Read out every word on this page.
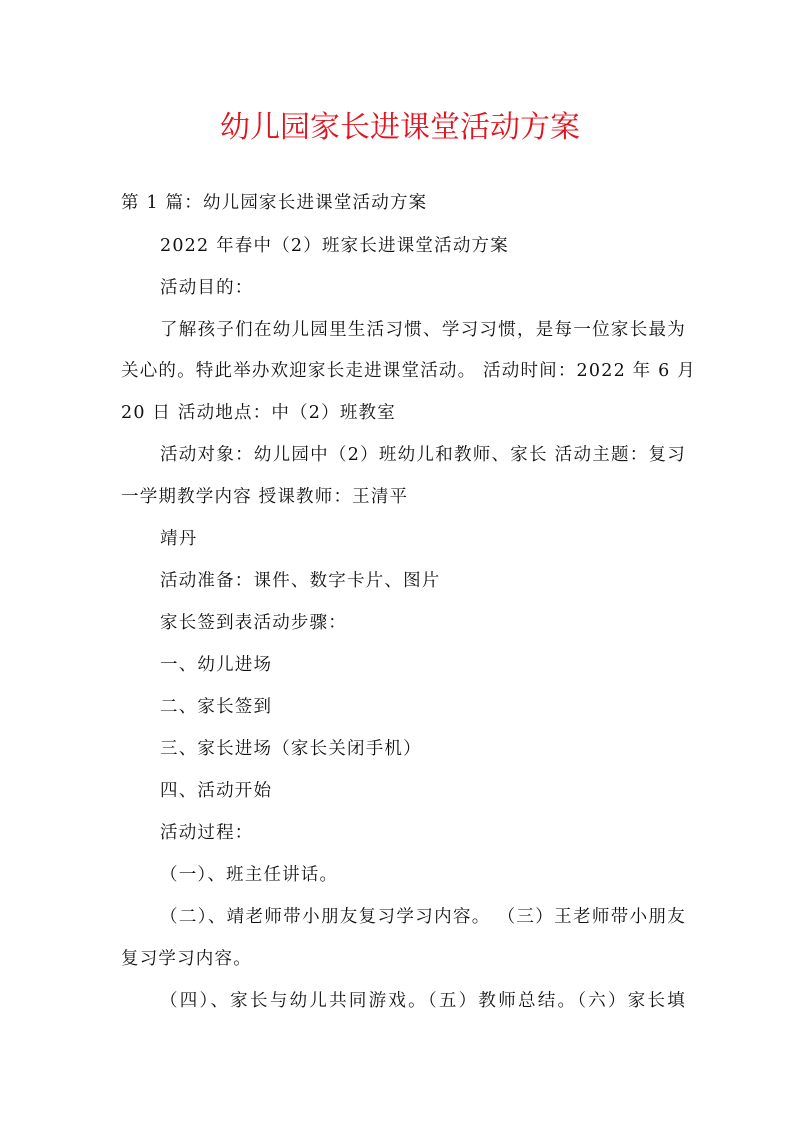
幼儿园家长进课堂活动方案
第 1 篇：幼儿园家长进课堂活动方案
2022 年春中（2）班家长进课堂活动方案
活动目的：
了解孩子们在幼儿园里生活习惯、学习习惯，是每一位家长最为
关心的。特此举办欢迎家长走进课堂活动。 活动时间：2022 年 6 月
20 日 活动地点：中（2）班教室
活动对象：幼儿园中（2）班幼儿和教师、家长 活动主题：复习
一学期教学内容 授课教师：王清平
靖丹
活动准备：课件、数字卡片、图片
家长签到表活动步骤：
一、幼儿进场
二、家长签到
三、家长进场（家长关闭手机）
四、活动开始
活动过程：
（一）、班主任讲话。
（二）、靖老师带小朋友复习学习内容。 （三）王老师带小朋友
复习学习内容。
（四）、家长与幼儿共同游戏。（五）教师总结。（六）家长填
